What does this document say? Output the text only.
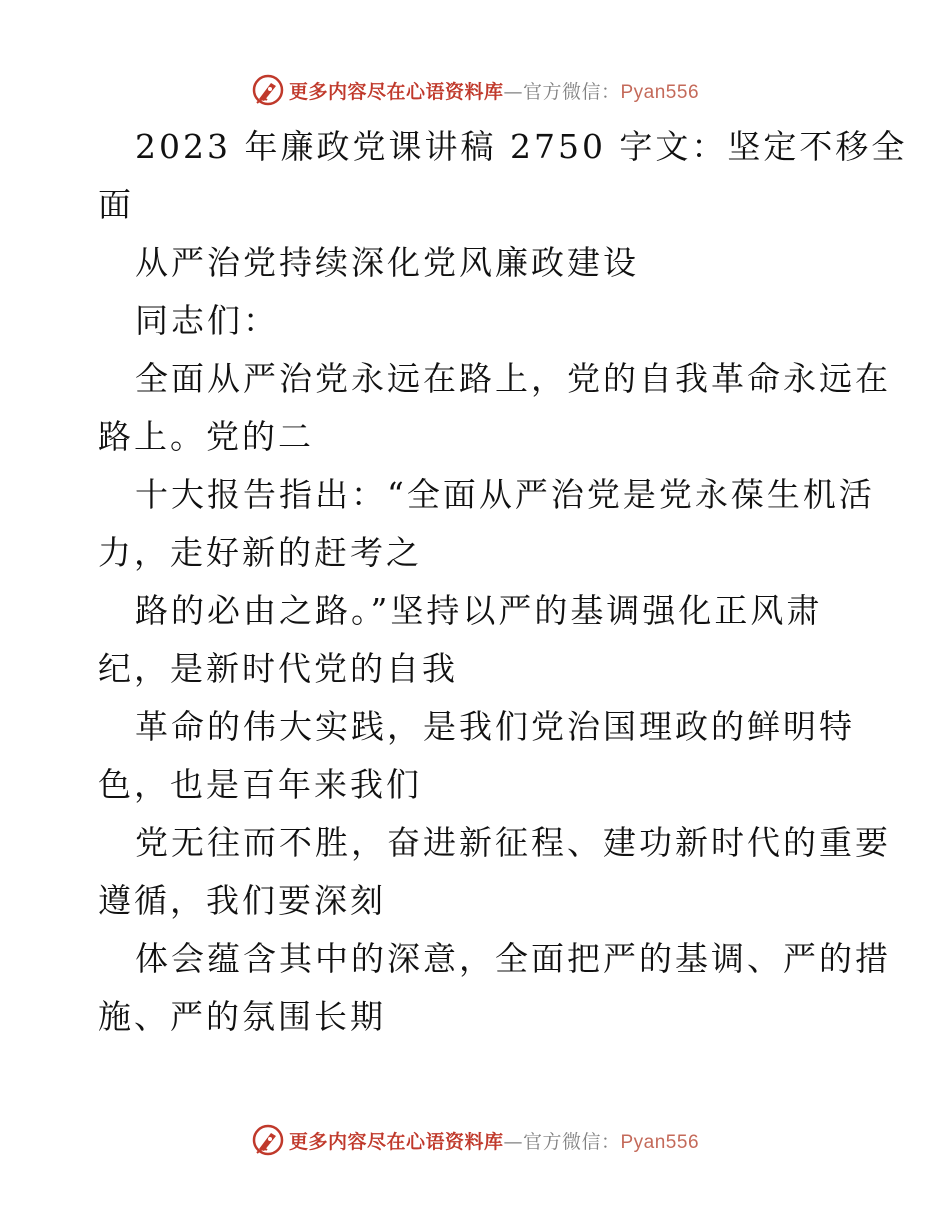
更多内容尽在心语资料库—官方微信：Pyan556
2023 年廉政党课讲稿 2750 字文：坚定不移全
面
从严治党持续深化党风廉政建设
同志们：
全面从严治党永远在路上，党的自我革命永远在
路上。党的二
十大报告指出：“全面从严治党是党永葆生机活
力，走好新的赶考之
路的必由之路。”坚持以严的基调强化正风肃
纪，是新时代党的自我
革命的伟大实践，是我们党治国理政的鲜明特
色，也是百年来我们
党无往而不胜，奋进新征程、建功新时代的重要
遵循，我们要深刻
体会蕴含其中的深意，全面把严的基调、严的措
施、严的氛围长期
更多内容尽在心语资料库—官方微信：Pyan556
